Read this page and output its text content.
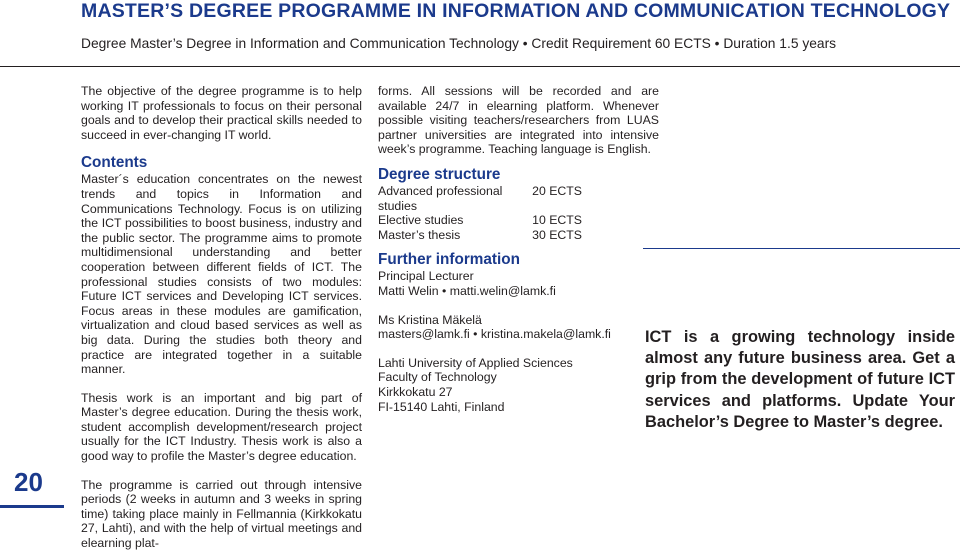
MASTER’S DEGREE PROGRAMME IN INFORMATION AND COMMUNICATION TECHNOLOGY
Degree Master’s Degree in Information and Communication Technology • Credit Requirement 60 ECTS • Duration 1.5 years

The objective of the degree programme is to help working IT professionals to focus on their personal goals and to develop their practical skills needed to succeed in ever-changing IT world.

Contents

Master´s education concentrates on the newest trends and topics in Information and Communications Technology. Focus is on utilizing the ICT possibilities to boost business, industry and the public sector. The programme aims to promote multidimensional understanding and better cooperation between different fields of ICT. The professional studies consists of two modules: Future ICT services and Developing ICT services. Focus areas in these modules are gamification, virtualization and cloud based services as well as big data. During the studies both theory and practice are integrated together in a suitable manner.

Thesis work is an important and big part of Master’s degree education. During the thesis work, student accomplish development/research project usually for the ICT Industry. Thesis work is also a good way to profile the Master’s degree education.

The programme is carried out through intensive periods (2 weeks in autumn and 3 weeks in spring time) taking place mainly in Fellmannia (Kirkkokatu 27, Lahti), and with the help of virtual meetings and elearning plat-

forms. All sessions will be recorded and are available 24/7 in elearning platform. Whenever possible visiting teachers/researchers from LUAS partner universities are integrated into intensive week’s programme. Teaching language is English.

Degree structure
Advanced professional studies
20 ECTS
Elective studies	10 ECTS
Master’s thesis	30 ECTS
Further information
Principal Lecturer
Matti Welin • matti.welin@lamk.fi
Ms Kristina Mäkelä
masters@lamk.fi • kristina.makela@lamk.fi
Lahti University of Applied Sciences
Faculty of Technology
Kirkkokatu 27
FI-15140 Lahti, Finland
ICT is a growing technology inside almost any future business area. Get a grip from the development of future ICT services and platforms. Update Your Bachelor’s Degree to Master’s degree.
20
